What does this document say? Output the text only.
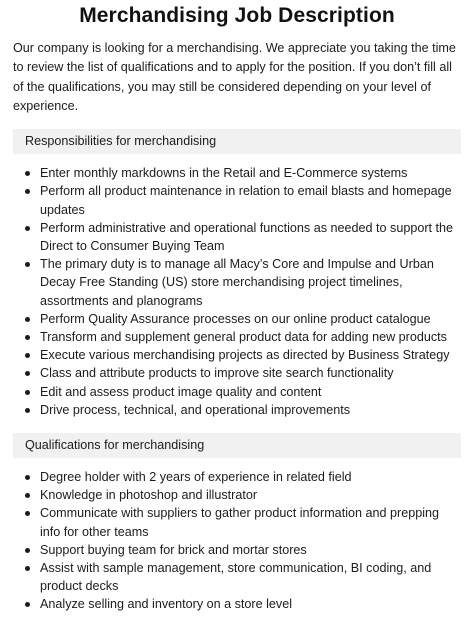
Merchandising Job Description

Our company is looking for a merchandising. We appreciate you taking the time to review the list of qualifications and to apply for the position. If you don’t fill all of the qualifications, you may still be considered depending on your level of experience.

Responsibilities for merchandising
Enter monthly markdowns in the Retail and E-Commerce systems
Perform all product maintenance in relation to email blasts and homepage updates
Perform administrative and operational functions as needed to support the Direct to Consumer Buying Team
The primary duty is to manage all Macy’s Core and Impulse and Urban Decay Free Standing (US) store merchandising project timelines, assortments and planograms
Perform Quality Assurance processes on our online product catalogue
Transform and supplement general product data for adding new products
Execute various merchandising projects as directed by Business Strategy
Class and attribute products to improve site search functionality
Edit and assess product image quality and content
Drive process, technical, and operational improvements
Qualifications for merchandising
Degree holder with 2 years of experience in related field
Knowledge in photoshop and illustrator
Communicate with suppliers to gather product information and prepping info for other teams
Support buying team for brick and mortar stores
Assist with sample management, store communication, BI coding, and product decks
Analyze selling and inventory on a store level
